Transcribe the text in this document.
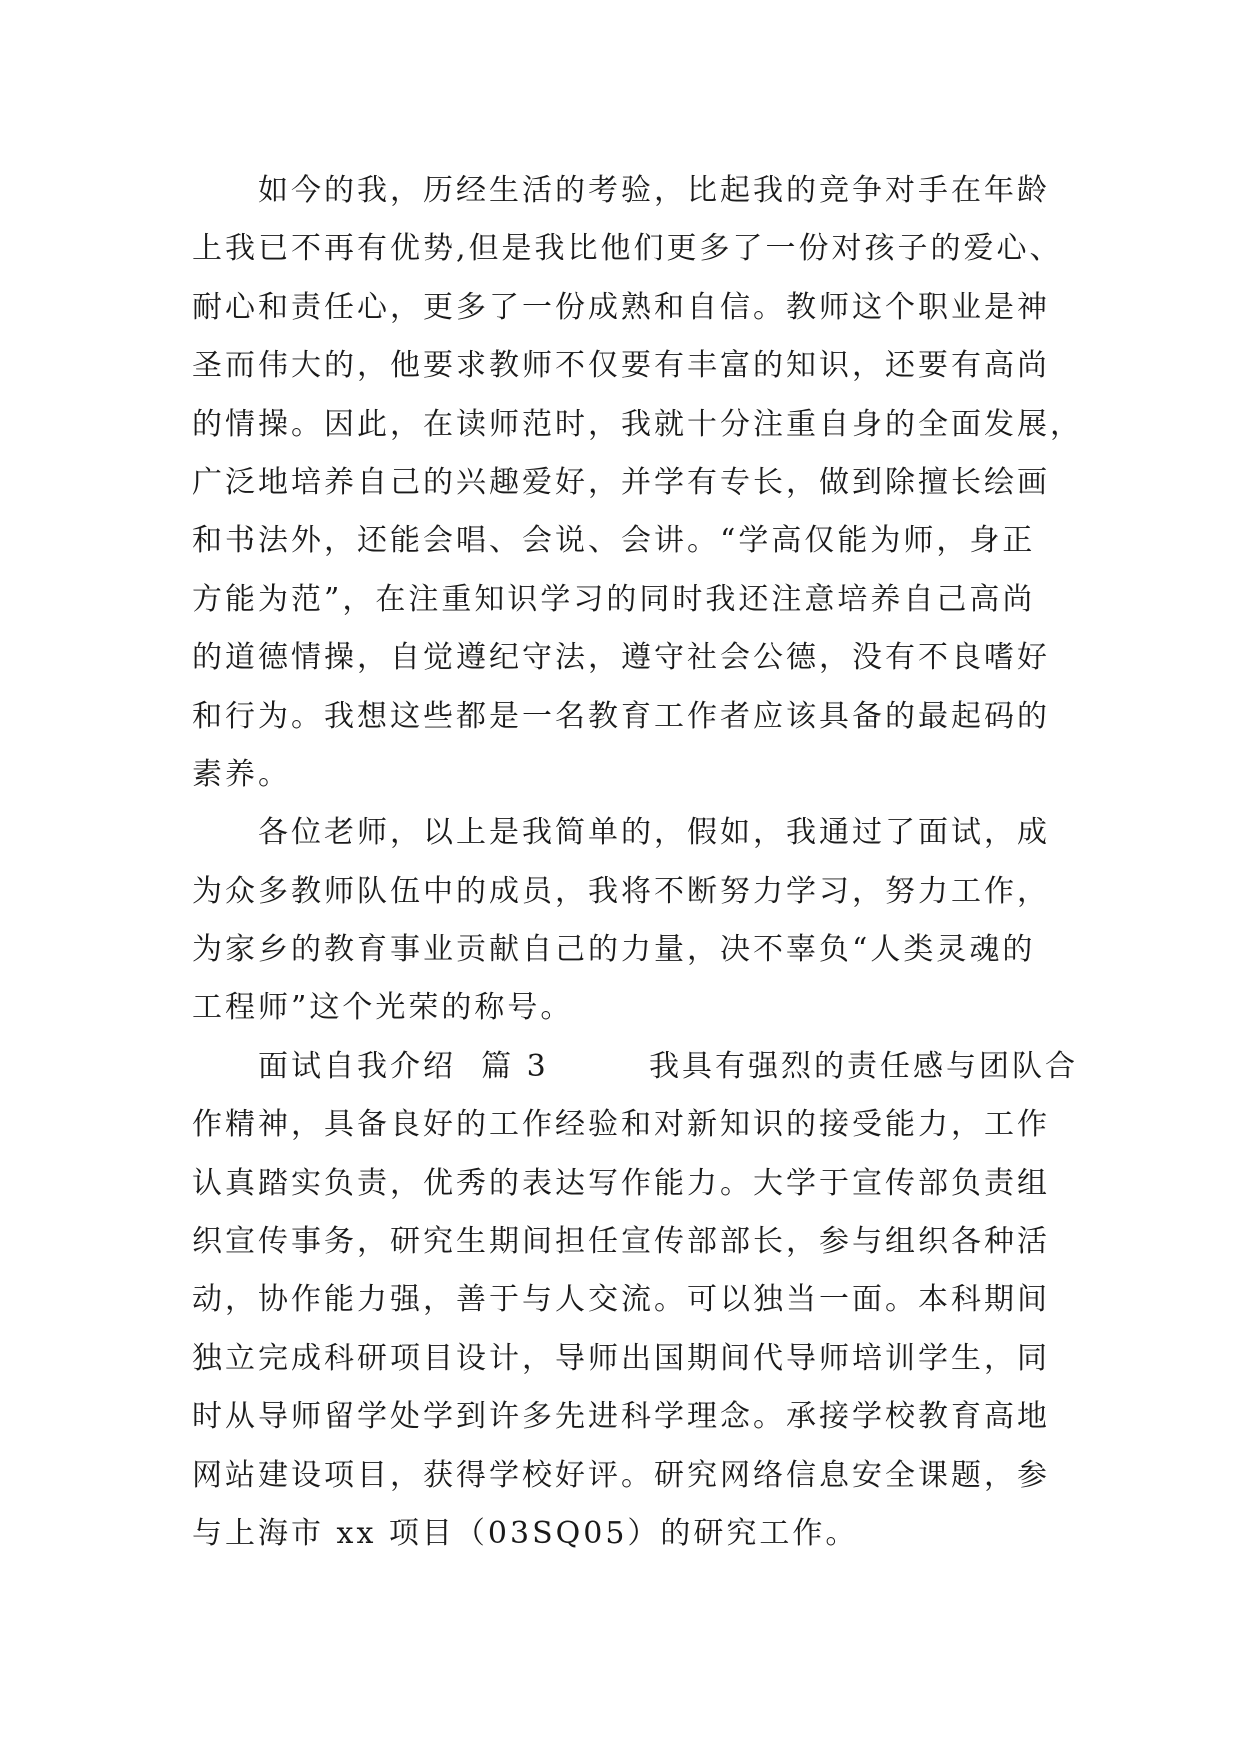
如今的我，历经生活的考验，比起我的竞争对手在年龄
上我已不再有优势,但是我比他们更多了一份对孩子的爱心、
耐心和责任心，更多了一份成熟和自信。教师这个职业是神
圣而伟大的，他要求教师不仅要有丰富的知识，还要有高尚
的情操。因此，在读师范时，我就十分注重自身的全面发展，
广泛地培养自己的兴趣爱好，并学有专长，做到除擅长绘画
和书法外，还能会唱、会说、会讲。“学高仅能为师，身正
方能为范”，在注重知识学习的同时我还注意培养自己高尚
的道德情操，自觉遵纪守法，遵守社会公德，没有不良嗜好
和行为。我想这些都是一名教育工作者应该具备的最起码的
素养。
各位老师，以上是我简单的，假如，我通过了面试，成
为众多教师队伍中的成员，我将不断努力学习，努力工作，
为家乡的教育事业贡献自己的力量，决不辜负“人类灵魂的
工程师”这个光荣的称号。
面试自我介绍  篇 3        我具有强烈的责任感与团队合
作精神，具备良好的工作经验和对新知识的接受能力，工作
认真踏实负责，优秀的表达写作能力。大学于宣传部负责组
织宣传事务，研究生期间担任宣传部部长，参与组织各种活
动，协作能力强，善于与人交流。可以独当一面。本科期间
独立完成科研项目设计，导师出国期间代导师培训学生，同
时从导师留学处学到许多先进科学理念。承接学校教育高地
网站建设项目，获得学校好评。研究网络信息安全课题，参
与上海市 xx 项目（03SQ05）的研究工作。
